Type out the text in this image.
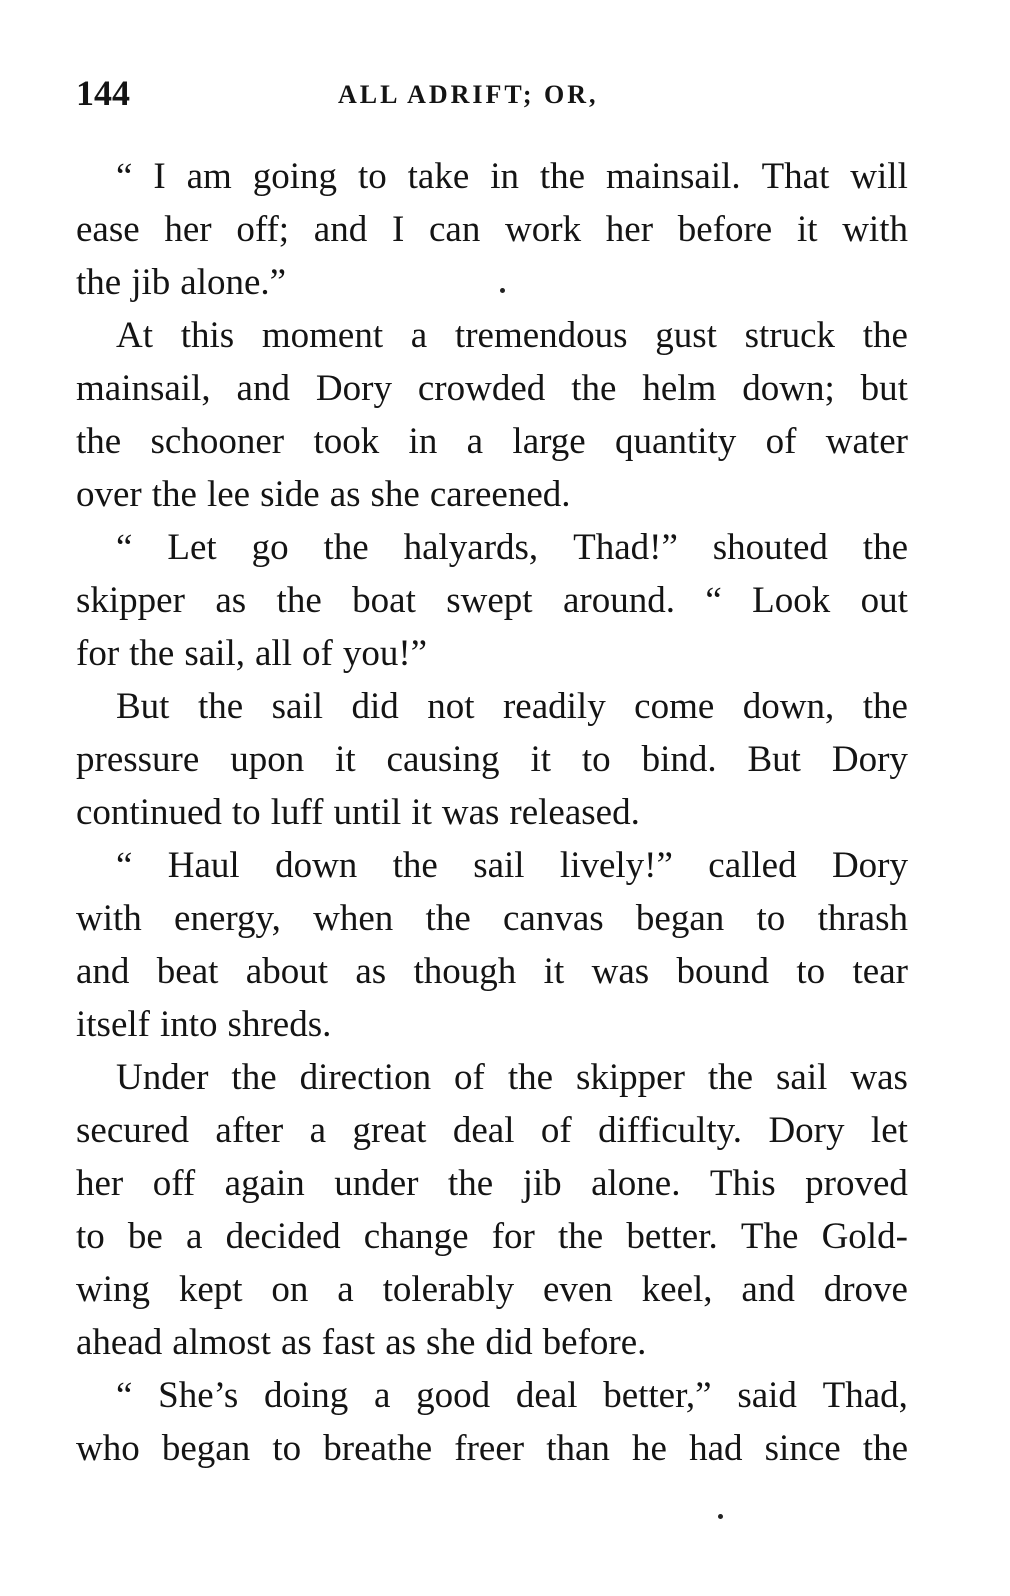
144	ALL ADRIFT; OR,
“ I am going to take in the mainsail. That will
ease her off; and I can work her before it with
the jib alone.”
At this moment a tremendous gust struck the
mainsail, and Dory crowded the helm down; but
the schooner took in a large quantity of water
over the lee side as she careened.
“ Let go the halyards, Thad!” shouted the
skipper as the boat swept around. “ Look out
for the sail, all of you!”
But the sail did not readily come down, the
pressure upon it causing it to bind. But Dory
continued to luff until it was released.
“ Haul down the sail lively!” called Dory
with energy, when the canvas began to thrash
and beat about as though it was bound to tear
itself into shreds.
Under the direction of the skipper the sail was
secured after a great deal of difficulty. Dory let
her off again under the jib alone. This proved
to be a decided change for the better. The Gold-
wing kept on a tolerably even keel, and drove
ahead almost as fast as she did before.
“ She’s doing a good deal better,” said Thad,
who began to breathe freer than he had since the
